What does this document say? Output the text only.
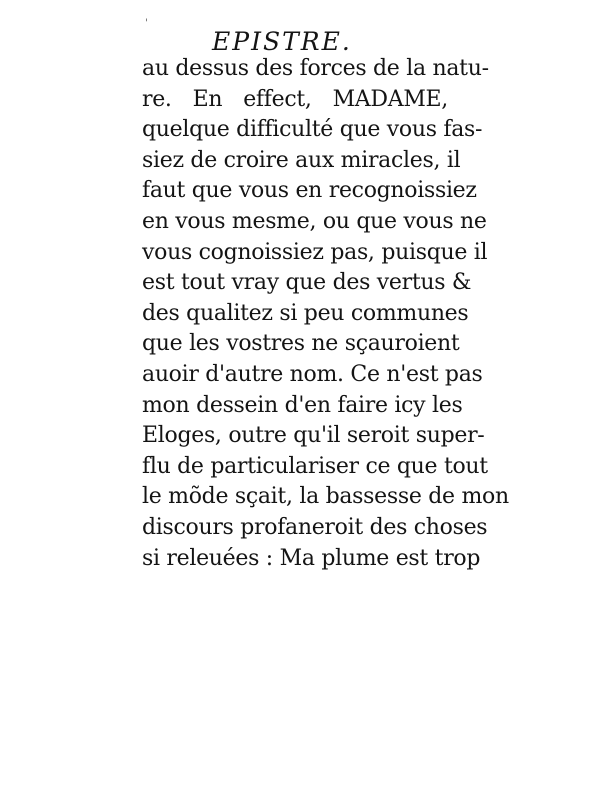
'
EPISTRE.
au dessus des forces de la natu-
re. En effect, MADAME,
quelque difficulté que vous fas-
siez de croire aux miracles, il
faut que vous en recognoissiez
en vous mesme, ou que vous ne
vous cognoissiez pas, puisque il
est tout vray que des vertus &
des qualitez si peu communes
que les vostres ne sçauroient
auoir d'autre nom. Ce n'est pas
mon dessein d'en faire icy les
Eloges, outre qu'il seroit super-
flu de particulariser ce que tout
le mõde sçait, la bassesse de mon
discours profaneroit des choses
si releuées : Ma plume est trop
